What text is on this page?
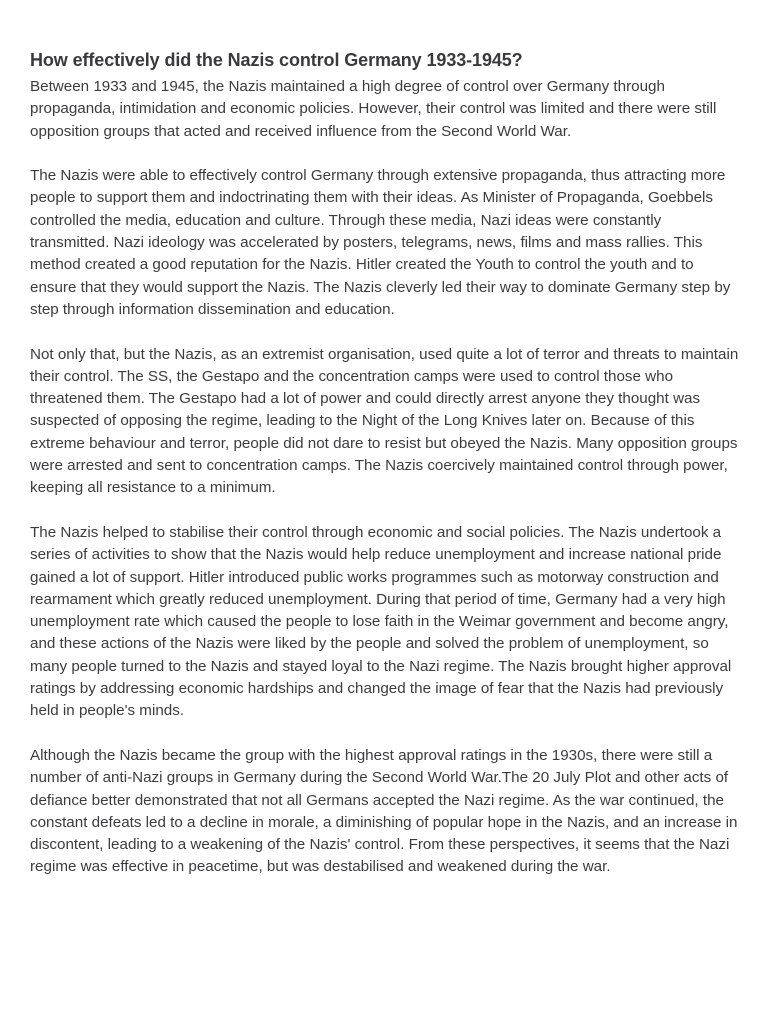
How effectively did the Nazis control Germany 1933-1945?

Between 1933 and 1945, the Nazis maintained a high degree of control over Germany through propaganda, intimidation and economic policies. However, their control was limited and there were still opposition groups that acted and received influence from the Second World War.

The Nazis were able to effectively control Germany through extensive propaganda, thus attracting more people to support them and indoctrinating them with their ideas. As Minister of Propaganda, Goebbels controlled the media, education and culture. Through these media, Nazi ideas were constantly transmitted. Nazi ideology was accelerated by posters, telegrams, news, films and mass rallies. This method created a good reputation for the Nazis. Hitler created the Youth to control the youth and to ensure that they would support the Nazis. The Nazis cleverly led their way to dominate Germany step by step through information dissemination and education.

Not only that, but the Nazis, as an extremist organisation, used quite a lot of terror and threats to maintain their control. The SS, the Gestapo and the concentration camps were used to control those who threatened them. The Gestapo had a lot of power and could directly arrest anyone they thought was suspected of opposing the regime, leading to the Night of the Long Knives later on. Because of this extreme behaviour and terror, people did not dare to resist but obeyed the Nazis. Many opposition groups were arrested and sent to concentration camps. The Nazis coercively maintained control through power, keeping all resistance to a minimum.

The Nazis helped to stabilise their control through economic and social policies. The Nazis undertook a series of activities to show that the Nazis would help reduce unemployment and increase national pride gained a lot of support. Hitler introduced public works programmes such as motorway construction and rearmament which greatly reduced unemployment. During that period of time, Germany had a very high unemployment rate which caused the people to lose faith in the Weimar government and become angry, and these actions of the Nazis were liked by the people and solved the problem of unemployment, so many people turned to the Nazis and stayed loyal to the Nazi regime. The Nazis brought higher approval ratings by addressing economic hardships and changed the image of fear that the Nazis had previously held in people's minds.

Although the Nazis became the group with the highest approval ratings in the 1930s, there were still a number of anti-Nazi groups in Germany during the Second World War.The 20 July Plot and other acts of defiance better demonstrated that not all Germans accepted the Nazi regime. As the war continued, the constant defeats led to a decline in morale, a diminishing of popular hope in the Nazis, and an increase in discontent, leading to a weakening of the Nazis' control. From these perspectives, it seems that the Nazi regime was effective in peacetime, but was destabilised and weakened during the war.
